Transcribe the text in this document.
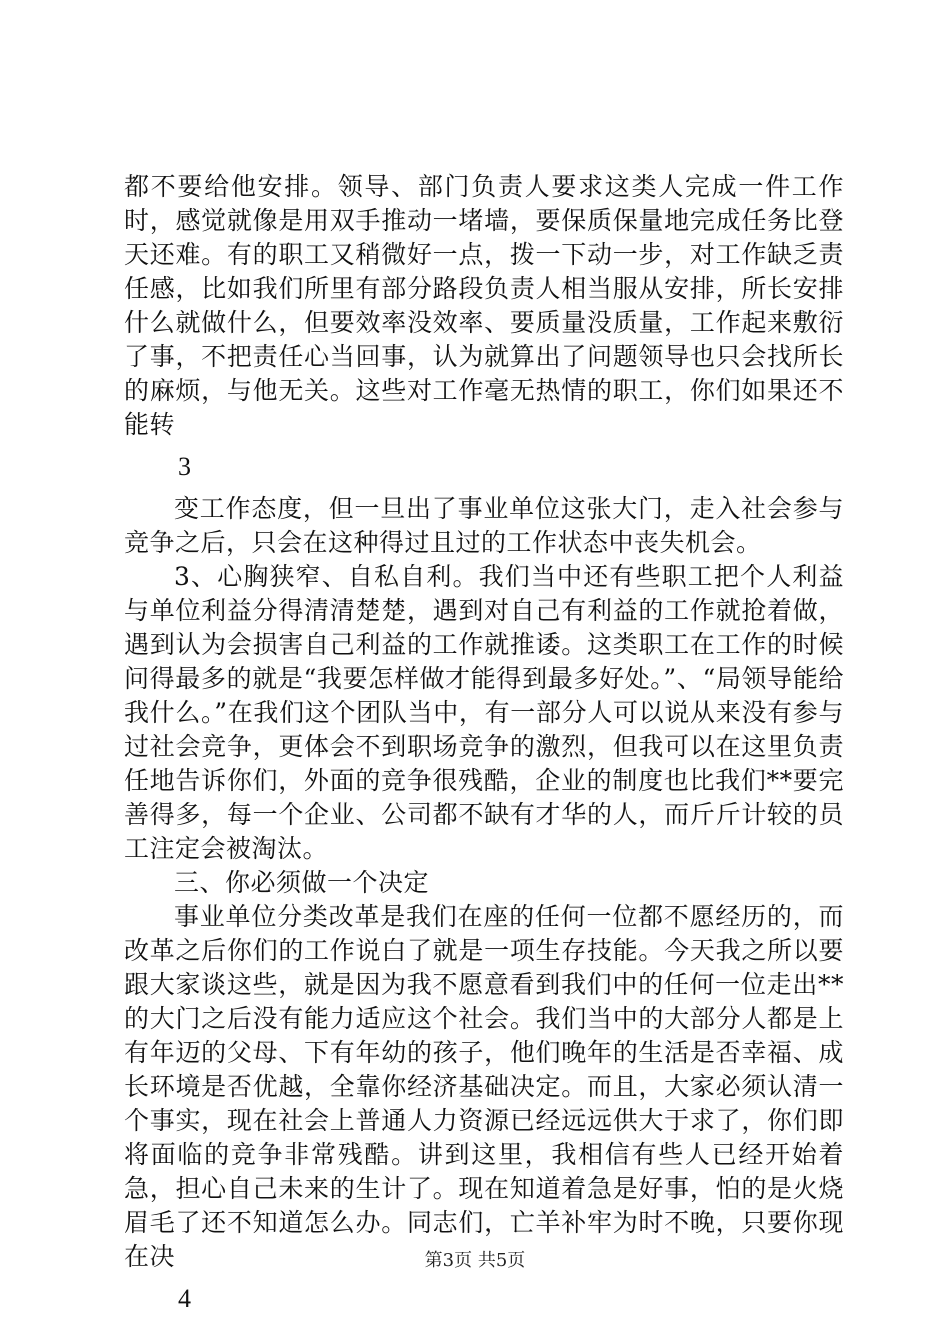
都不要给他安排。领导、部门负责人要求这类人完成一件工作时，感觉就像是用双手推动一堵墙，要保质保量地完成任务比登天还难。有的职工又稍微好一点，拨一下动一步，对工作缺乏责任感，比如我们所里有部分路段负责人相当服从安排，所长安排什么就做什么，但要效率没效率、要质量没质量，工作起来敷衍了事，不把责任心当回事，认为就算出了问题领导也只会找所长的麻烦，与他无关。这些对工作毫无热情的职工，你们如果还不能转

3

变工作态度，但一旦出了事业单位这张大门，走入社会参与竞争之后，只会在这种得过且过的工作状态中丧失机会。

3、心胸狭窄、自私自利。我们当中还有些职工把个人利益与单位利益分得清清楚楚，遇到对自己有利益的工作就抢着做，遇到认为会损害自己利益的工作就推诿。这类职工在工作的时候问得最多的就是“我要怎样做才能得到最多好处。”、“局领导能给我什么。”在我们这个团队当中，有一部分人可以说从来没有参与过社会竞争，更体会不到职场竞争的激烈，但我可以在这里负责任地告诉你们，外面的竞争很残酷，企业的制度也比我们**要完善得多，每一个企业、公司都不缺有才华的人，而斤斤计较的员工注定会被淘汰。

三、你必须做一个决定

事业单位分类改革是我们在座的任何一位都不愿经历的，而改革之后你们的工作说白了就是一项生存技能。今天我之所以要跟大家谈这些，就是因为我不愿意看到我们中的任何一位走出**的大门之后没有能力适应这个社会。我们当中的大部分人都是上有年迈的父母、下有年幼的孩子，他们晚年的生活是否幸福、成长环境是否优越，全靠你经济基础决定。而且，大家必须认清一个事实，现在社会上普通人力资源已经远远供大于求了，你们即将面临的竞争非常残酷。讲到这里，我相信有些人已经开始着急，担心自己未来的生计了。现在知道着急是好事，怕的是火烧眉毛了还不知道怎么办。同志们，亡羊补牢为时不晚，只要你现在决

4

第3页 共5页
